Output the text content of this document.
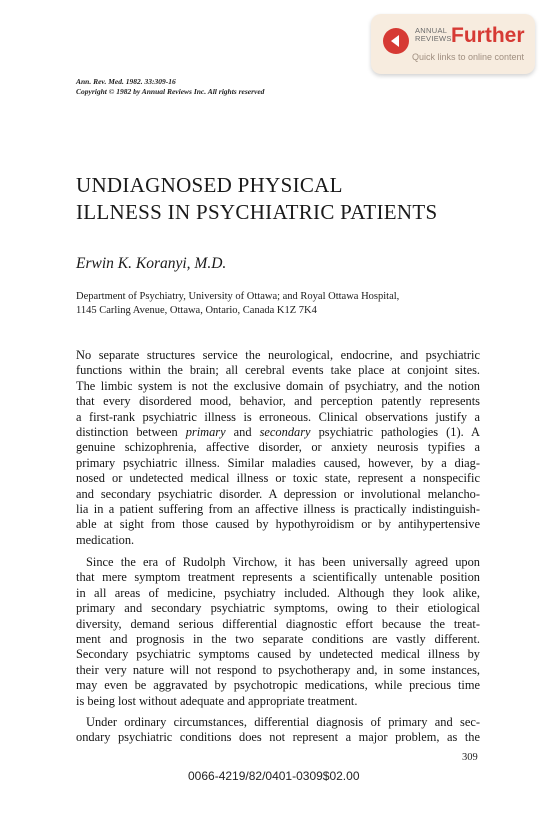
ANNUAL
REVIEWS Further
Quick links to online content
Ann. Rev. Med. 1982. 33:309-16
Copyright © 1982 by Annual Reviews Inc. All rights reserved
UNDIAGNOSED PHYSICAL
ILLNESS IN PSYCHIATRIC PATIENTS
Erwin K. Koranyi, M.D.
Department of Psychiatry, University of Ottawa; and Royal Ottawa Hospital,
1145 Carling Avenue, Ottawa, Ontario, Canada K1Z 7K4
No separate structures service the neurological, endocrine, and psychiatric
functions within the brain; all cerebral events take place at conjoint sites.
The limbic system is not the exclusive domain of psychiatry, and the notion
that every disordered mood, behavior, and perception patently represents
a first-rank psychiatric illness is erroneous. Clinical observations justify a
distinction between primary and secondary psychiatric pathologies (1). A
genuine schizophrenia, affective disorder, or anxiety neurosis typifies a
primary psychiatric illness. Similar maladies caused, however, by a diag-
nosed or undetected medical illness or toxic state, represent a nonspecific
and secondary psychiatric disorder. A depression or involutional melancho-
lia in a patient suffering from an affective illness is practically indistinguish-
able at sight from those caused by hypothyroidism or by antihypertensive
medication.
Since the era of Rudolph Virchow, it has been universally agreed upon
that mere symptom treatment represents a scientifically untenable position
in all areas of medicine, psychiatry included. Although they look alike,
primary and secondary psychiatric symptoms, owing to their etiological
diversity, demand serious differential diagnostic effort because the treat-
ment and prognosis in the two separate conditions are vastly different.
Secondary psychiatric symptoms caused by undetected medical illness by
their very nature will not respond to psychotherapy and, in some instances,
may even be aggravated by psychotropic medications, while precious time
is being lost without adequate and appropriate treatment.
Under ordinary circumstances, differential diagnosis of primary and sec-
ondary psychiatric conditions does not represent a major problem, as the
309
0066-4219/82/0401-0309$02.00
